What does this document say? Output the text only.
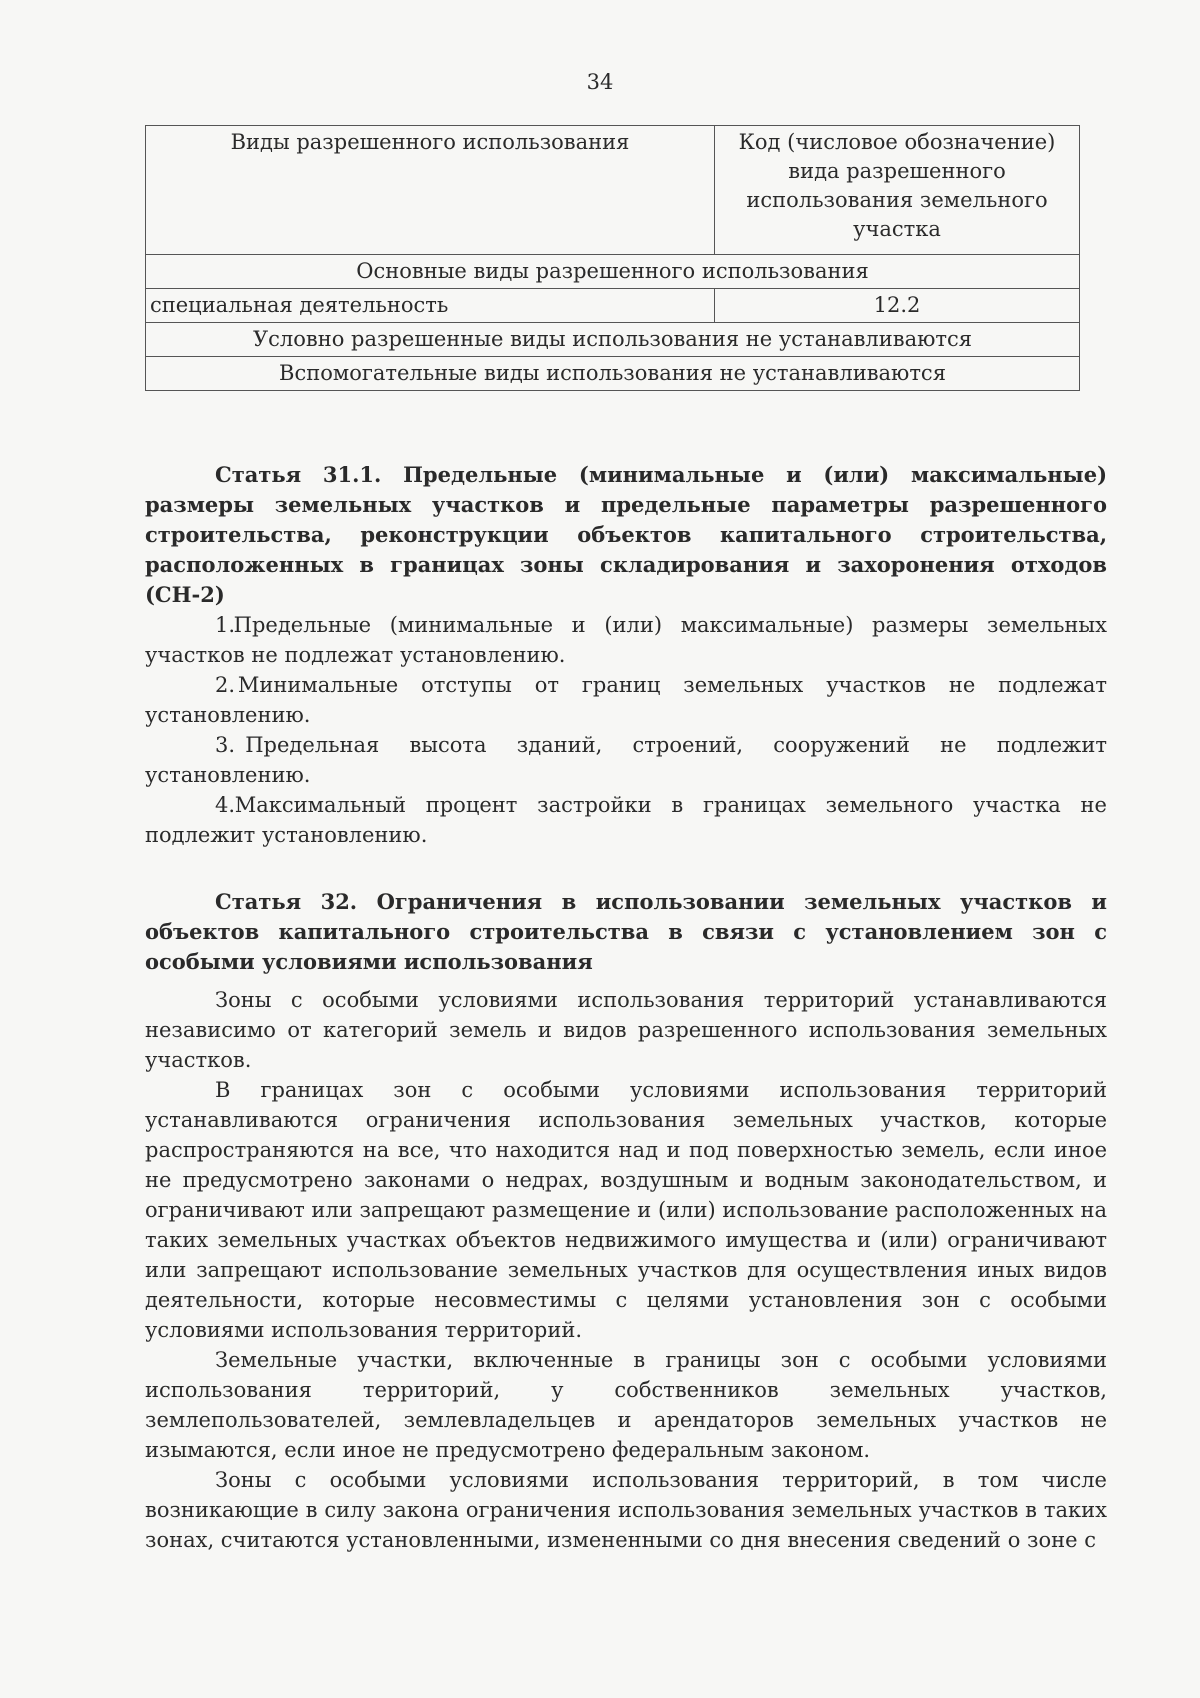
34
Виды разрешенного использования	Код (числовое обозначение) вида разрешенного использования земельного участка
Основные виды разрешенного использования	
специальная деятельность	12.2
Условно разрешенные виды использования не устанавливаются	
Вспомогательные виды использования не устанавливаются	

Статья 31.1. Предельные (минимальные и (или) максимальные) размеры земельных участков и предельные параметры разрешенного строительства, реконструкции объектов капитального строительства, расположенных в границах зоны складирования и захоронения отходов (СН-2)

1. Предельные (минимальные и (или) максимальные) размеры земельных участков не подлежат установлению.

2. Минимальные отступы от границ земельных участков не подлежат установлению.

3. Предельная высота зданий, строений, сооружений не подлежит установлению.

4. Максимальный процент застройки в границах земельного участка не подлежит установлению.

Статья 32. Ограничения в использовании земельных участков и объектов капитального строительства в связи с установлением зон с особыми условиями использования

Зоны с особыми условиями использования территорий устанавливаются независимо от категорий земель и видов разрешенного использования земельных участков.

В границах зон с особыми условиями использования территорий устанавливаются ограничения использования земельных участков, которые распространяются на все, что находится над и под поверхностью земель, если иное не предусмотрено законами о недрах, воздушным и водным законодательством, и ограничивают или запрещают размещение и (или) использование расположенных на таких земельных участках объектов недвижимого имущества и (или) ограничивают или запрещают использование земельных участков для осуществления иных видов деятельности, которые несовместимы с целями установления зон с особыми условиями использования территорий.

Земельные участки, включенные в границы зон с особыми условиями использования территорий, у собственников земельных участков, землепользователей, землевладельцев и арендаторов земельных участков не изымаются, если иное не предусмотрено федеральным законом.

Зоны с особыми условиями использования территорий, в том числе возникающие в силу закона ограничения использования земельных участков в таких зонах, считаются установленными, измененными со дня внесения сведений о зоне с
